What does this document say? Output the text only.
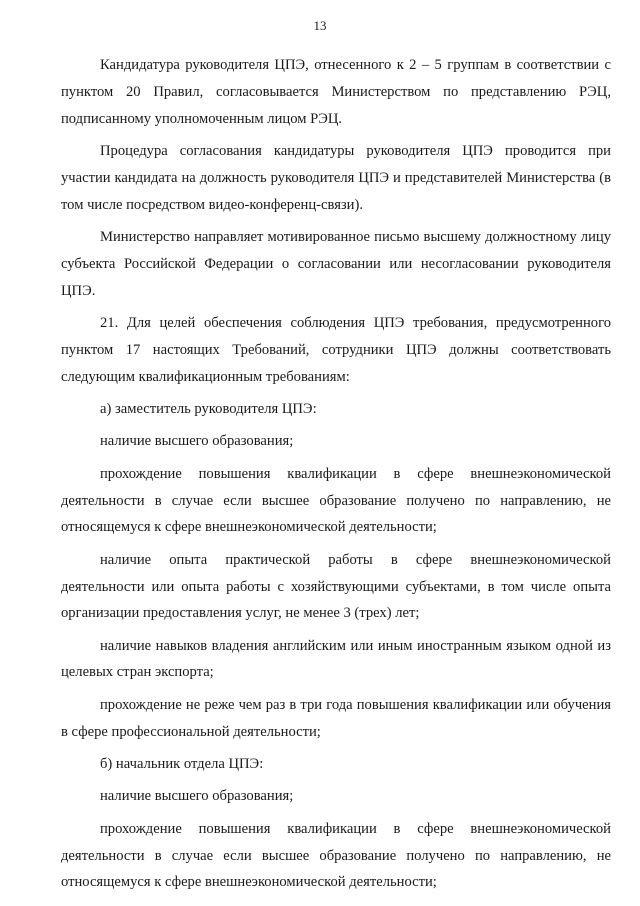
13

Кандидатура руководителя ЦПЭ, отнесенного к 2 – 5 группам в соответствии с пунктом 20 Правил, согласовывается Министерством по представлению РЭЦ, подписанному уполномоченным лицом РЭЦ.

Процедура согласования кандидатуры руководителя ЦПЭ проводится при участии кандидата на должность руководителя ЦПЭ и представителей Министерства (в том числе посредством видео-конференц-связи).

Министерство направляет мотивированное письмо высшему должностному лицу субъекта Российской Федерации о согласовании или несогласовании руководителя ЦПЭ.

21. Для целей обеспечения соблюдения ЦПЭ требования, предусмотренного пунктом 17 настоящих Требований, сотрудники ЦПЭ должны соответствовать следующим квалификационным требованиям:

а) заместитель руководителя ЦПЭ:

наличие высшего образования;

прохождение повышения квалификации в сфере внешнеэкономической деятельности в случае если высшее образование получено по направлению, не относящемуся к сфере внешнеэкономической деятельности;

наличие опыта практической работы в сфере внешнеэкономической деятельности или опыта работы с хозяйствующими субъектами, в том числе опыта организации предоставления услуг, не менее 3 (трех) лет;

наличие навыков владения английским или иным иностранным языком одной из целевых стран экспорта;

прохождение не реже чем раз в три года повышения квалификации или обучения в сфере профессиональной деятельности;

б) начальник отдела ЦПЭ:

наличие высшего образования;

прохождение повышения квалификации в сфере внешнеэкономической деятельности в случае если высшее образование получено по направлению, не относящемуся к сфере внешнеэкономической деятельности;
